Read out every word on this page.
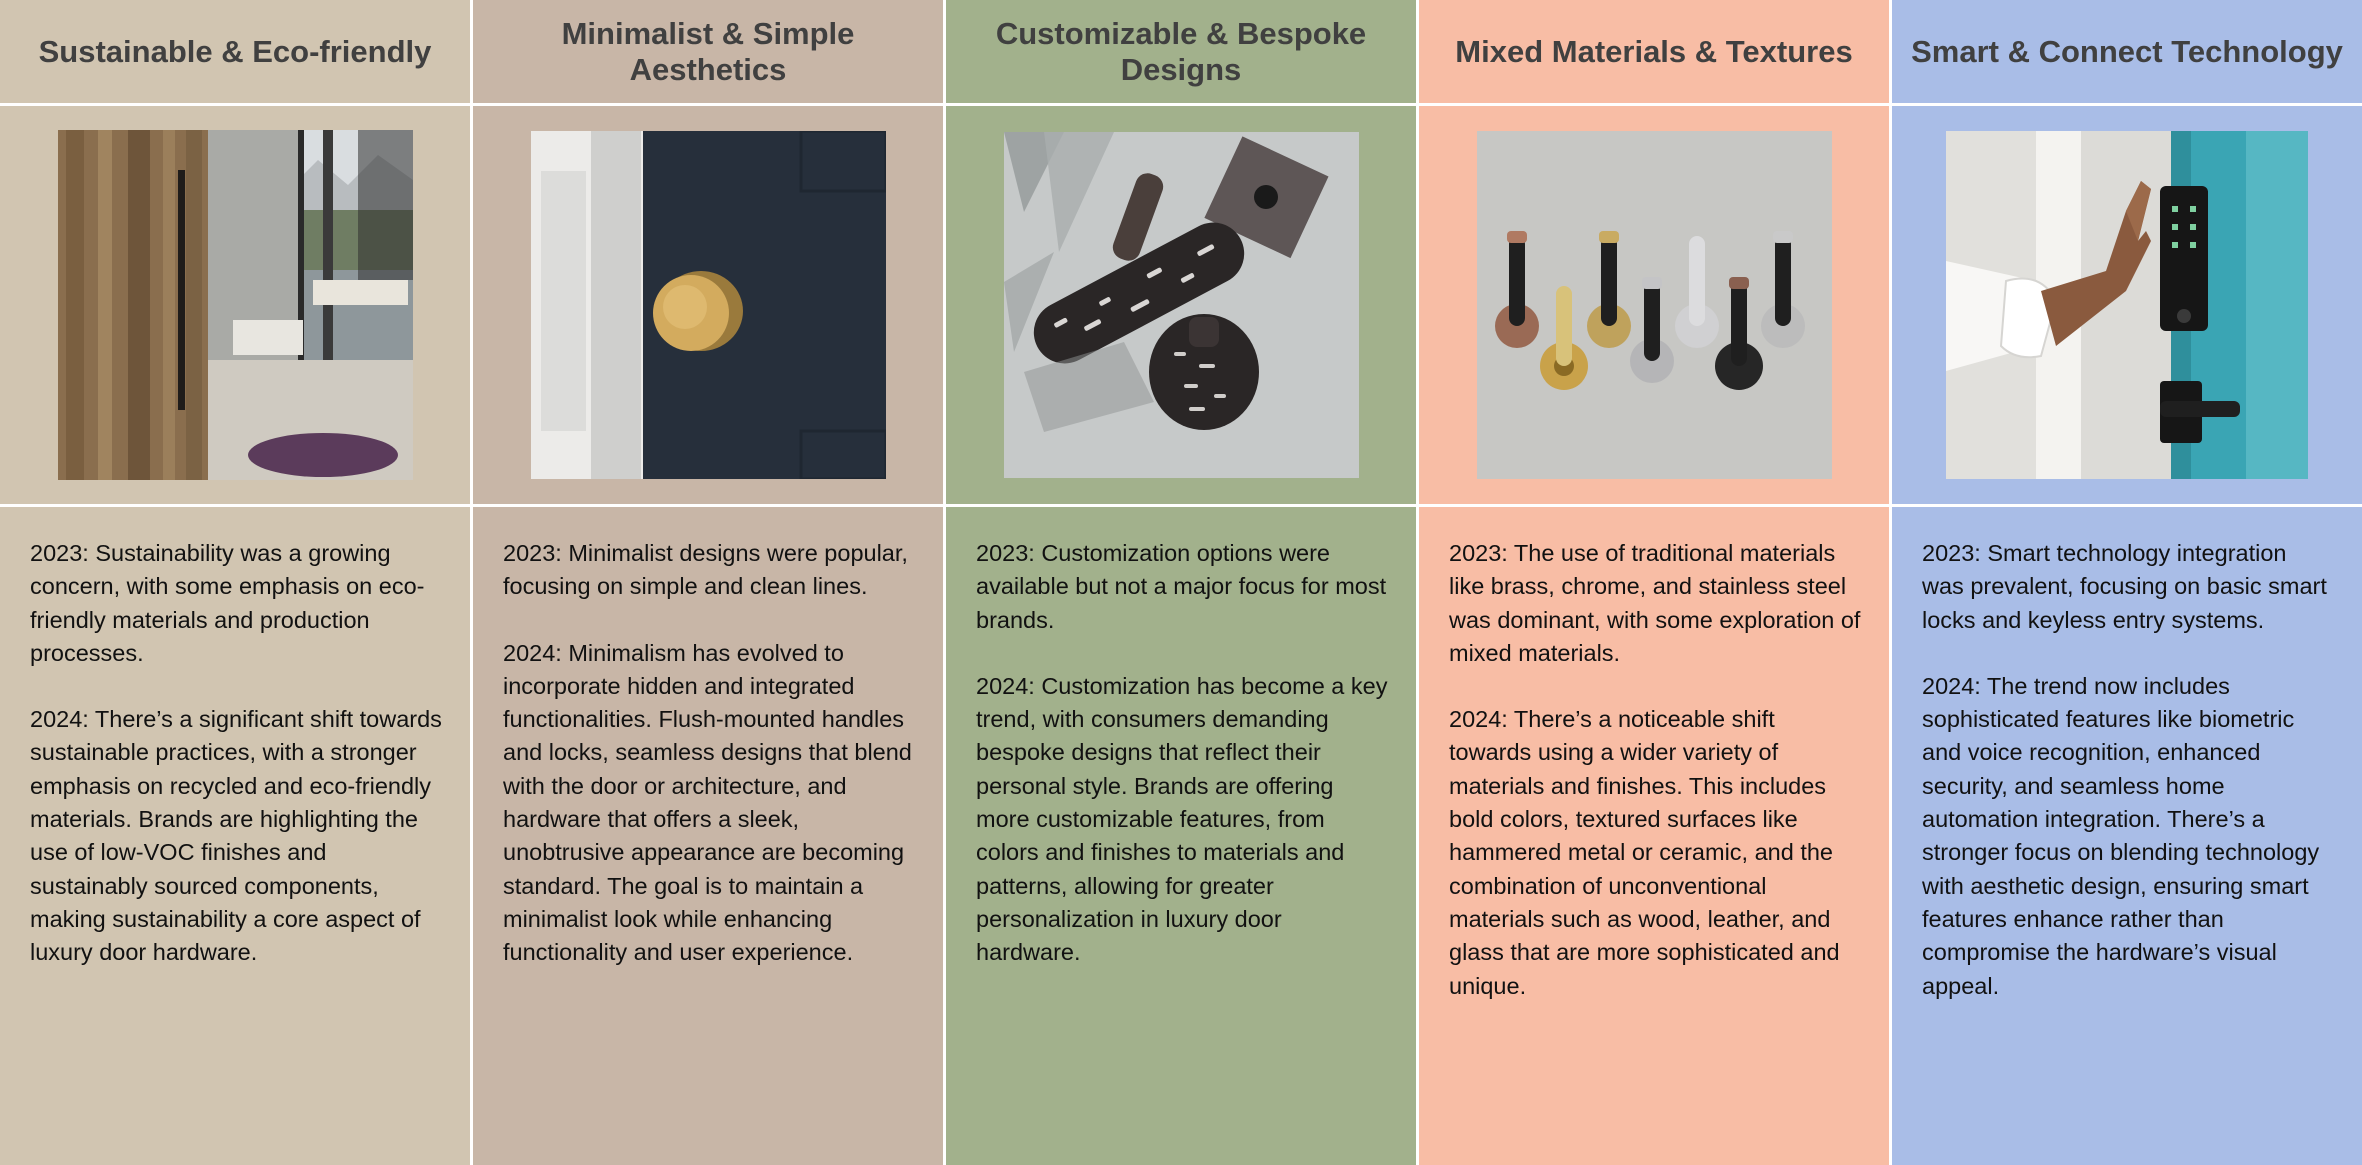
Sustainable & Eco-friendly

2023: Sustainability was a growing concern, with some emphasis on eco-friendly materials and production processes.

2024: There’s a significant shift towards sustainable practices, with a stronger emphasis on recycled and eco-friendly materials. Brands are highlighting the use of low-VOC finishes and sustainably sourced components, making sustainability a core aspect of luxury door hardware.

Minimalist & Simple Aesthetics

2023: Minimalist designs were popular, focusing on simple and clean lines.

2024: Minimalism has evolved to incorporate hidden and integrated functionalities. Flush-mounted handles and locks, seamless designs that blend with the door or architecture, and hardware that offers a sleek, unobtrusive appearance are becoming standard. The goal is to maintain a minimalist look while enhancing functionality and user experience.

Customizable & Bespoke Designs

2023: Customization options were available but not a major focus for most brands.

2024: Customization has become a key trend, with consumers demanding bespoke designs that reflect their personal style. Brands are offering more customizable features, from colors and finishes to materials and patterns, allowing for greater personalization in luxury door hardware.

Mixed Materials & Textures

2023: The use of traditional materials like brass, chrome, and stainless steel was dominant, with some exploration of mixed materials.

2024: There’s a noticeable shift towards using a wider variety of materials and finishes. This includes bold colors, textured surfaces like hammered metal or ceramic, and the combination of unconventional materials such as wood, leather, and glass that are more sophisticated and unique.

Smart & Connect Technology

2023: Smart technology integration was prevalent, focusing on basic smart locks and keyless entry systems.

2024: The trend now includes sophisticated features like biometric and voice recognition, enhanced security, and seamless home automation integration. There’s a stronger focus on blending technology with aesthetic design, ensuring smart features enhance rather than compromise the hardware’s visual appeal.
